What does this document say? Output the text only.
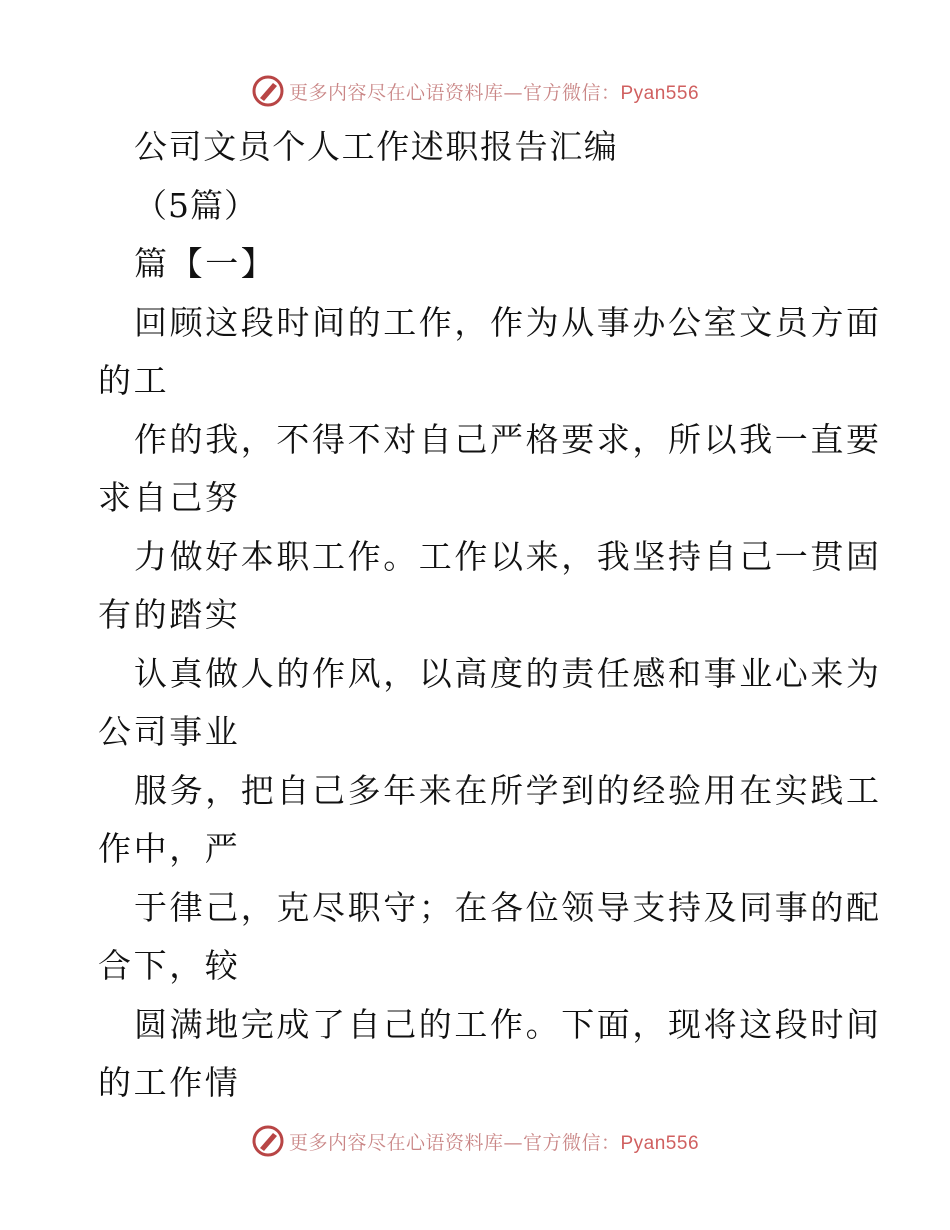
更多内容尽在心语资料库—官方微信：Pyan556
公司文员个人工作述职报告汇编
（5篇）
篇【一】
回顾这段时间的工作，作为从事办公室文员方面
的工
作的我，不得不对自己严格要求，所以我一直要
求自己努
力做好本职工作。工作以来，我坚持自己一贯固
有的踏实
认真做人的作风，以高度的责任感和事业心来为
公司事业
服务，把自己多年来在所学到的经验用在实践工
作中，严
于律己，克尽职守；在各位领导支持及同事的配
合下，较
圆满地完成了自己的工作。下面，现将这段时间
的工作情
更多内容尽在心语资料库—官方微信：Pyan556
